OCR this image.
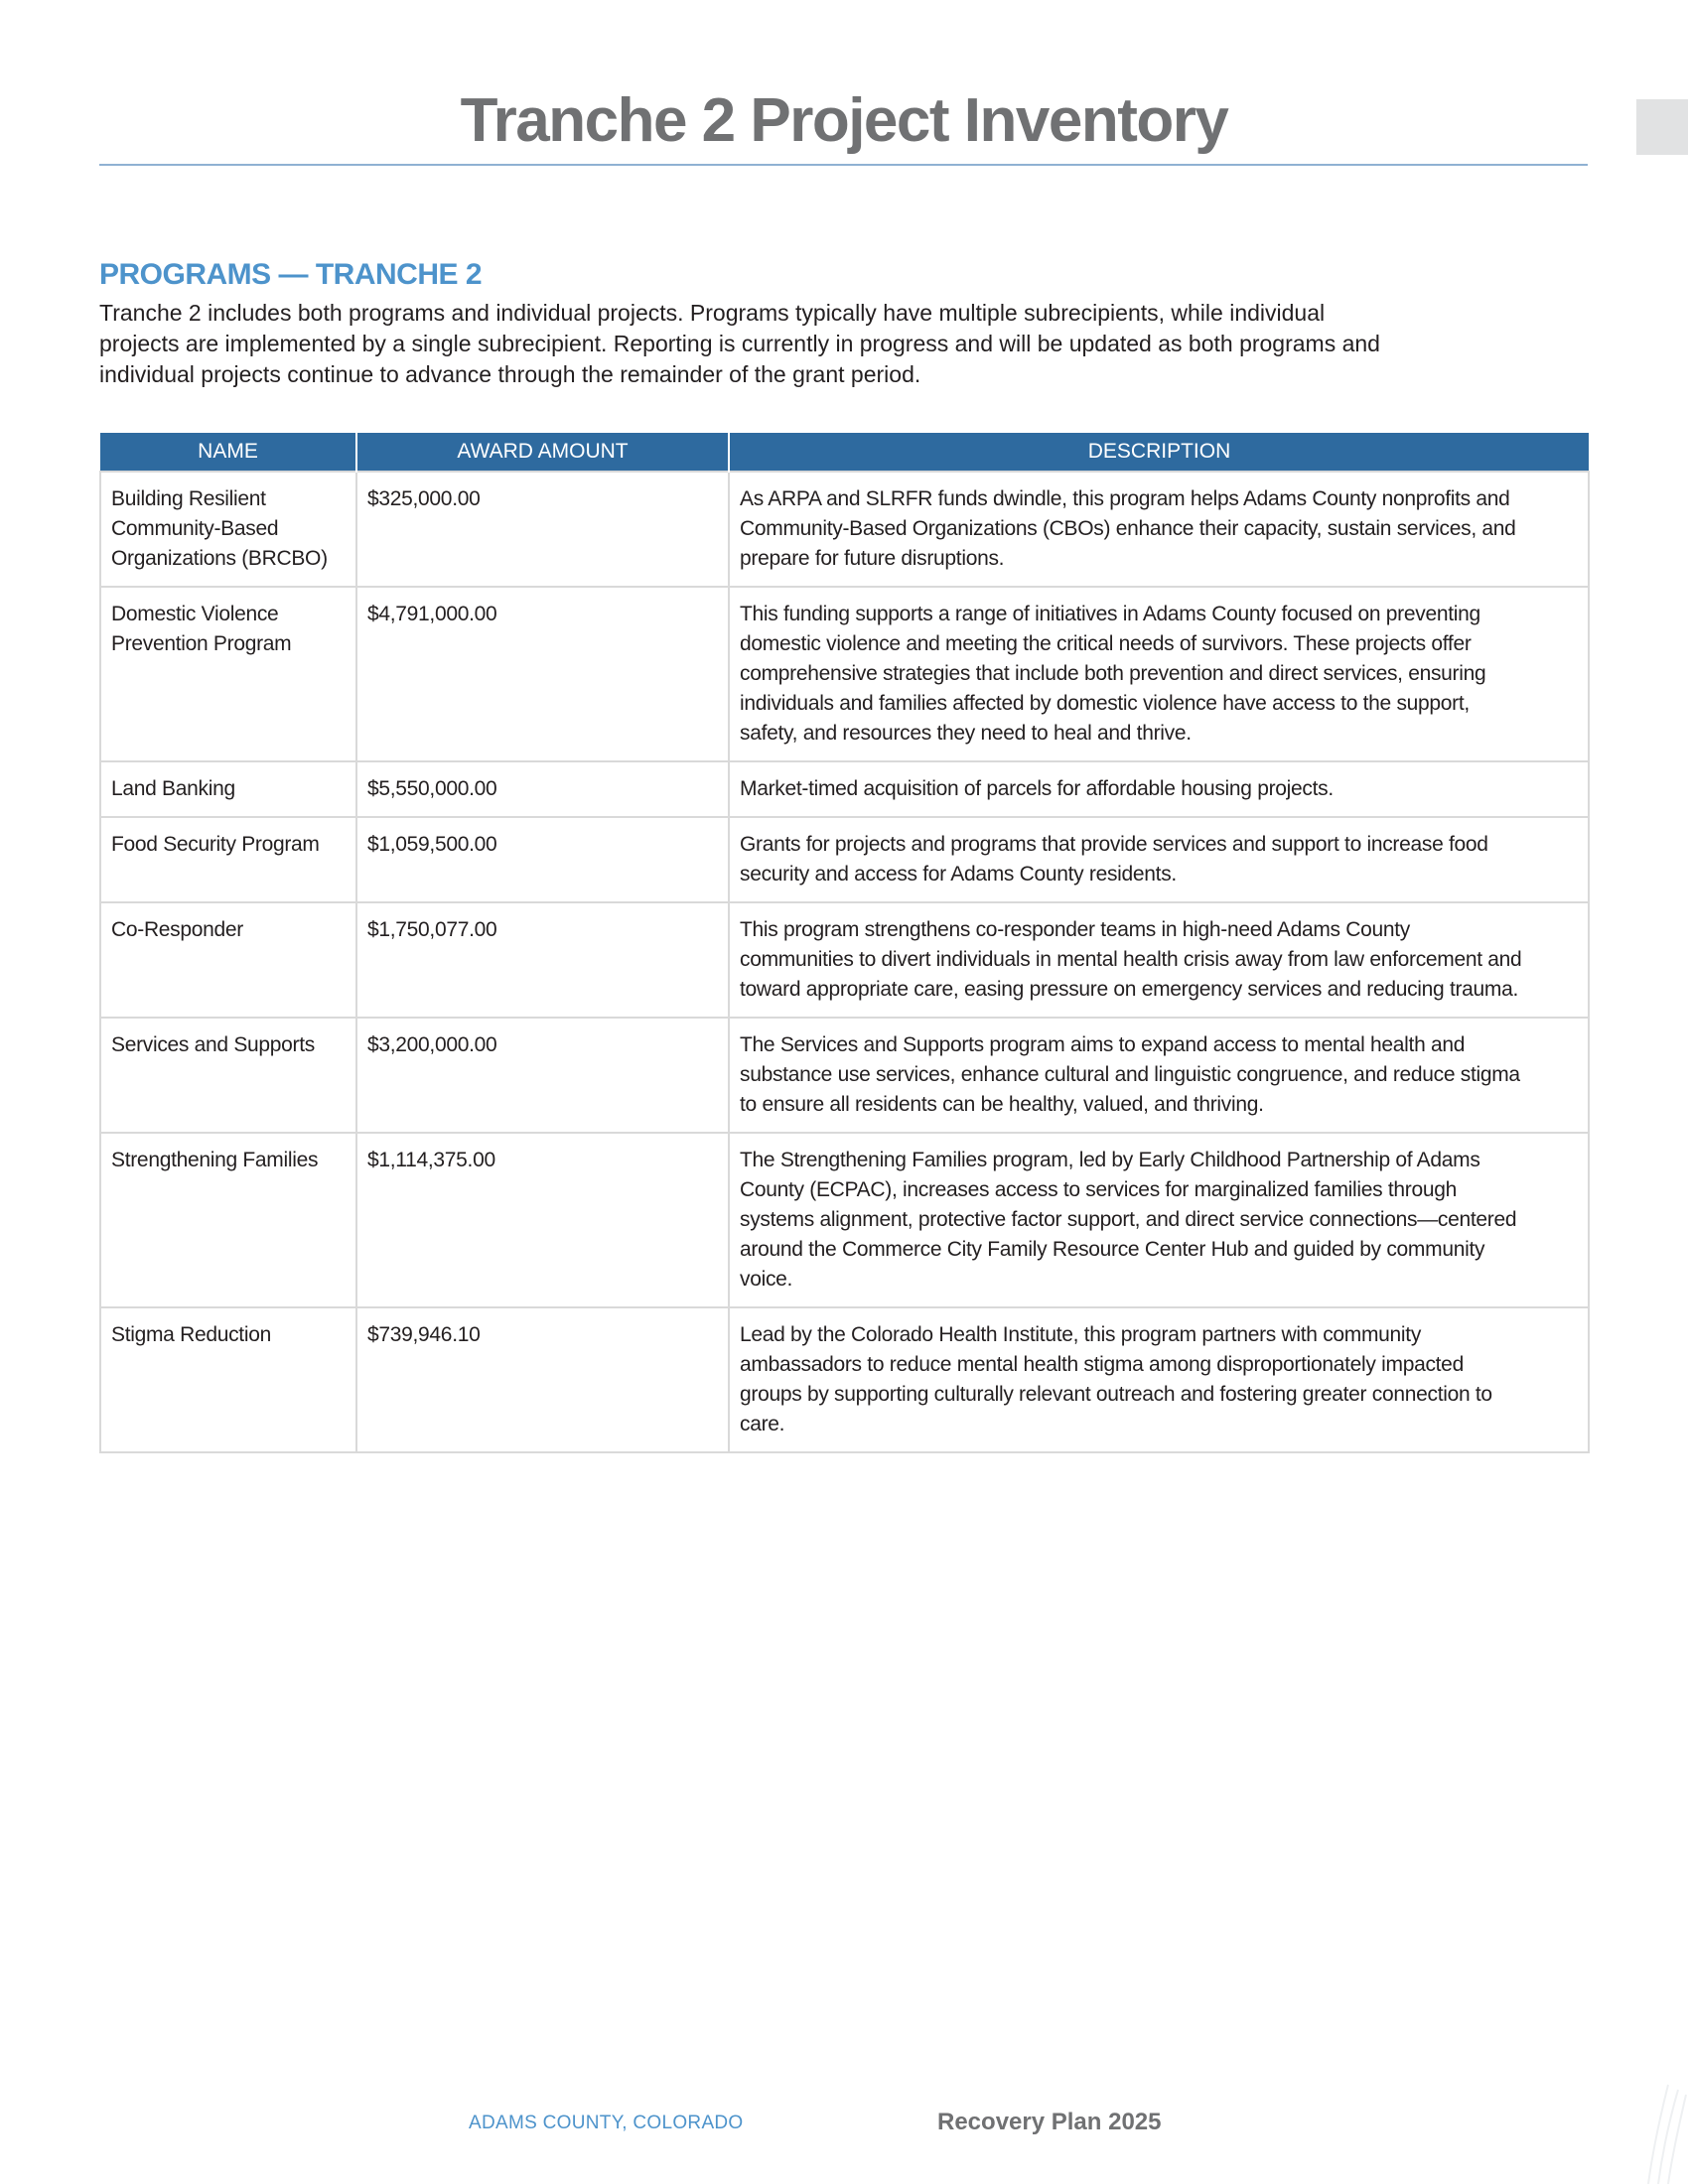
Tranche 2 Project Inventory
PROGRAMS — TRANCHE 2

Tranche 2 includes both programs and individual projects. Programs typically have multiple subrecipients, while individual projects are implemented by a single subrecipient. Reporting is currently in progress and will be updated as both programs and individual projects continue to advance through the remainder of the grant period.

NAME	AWARD AMOUNT	DESCRIPTION
Building Resilient Community-Based Organizations (BRCBO)	$325,000.00	As ARPA and SLRFR funds dwindle, this program helps Adams County nonprofits and Community-Based Organizations (CBOs) enhance their capacity, sustain services, and prepare for future disruptions.
Domestic Violence Prevention Program	$4,791,000.00	This funding supports a range of initiatives in Adams County focused on preventing domestic violence and meeting the critical needs of survivors. These projects offer comprehensive strategies that include both prevention and direct services, ensuring individuals and families affected by domestic violence have access to the support, safety, and resources they need to heal and thrive.
Land Banking	$5,550,000.00	Market-timed acquisition of parcels for affordable housing projects.
Food Security Program	$1,059,500.00	Grants for projects and programs that provide services and support to increase food security and access for Adams County residents.
Co-Responder	$1,750,077.00	This program strengthens co-responder teams in high-need Adams County communities to divert individuals in mental health crisis away from law enforcement and toward appropriate care, easing pressure on emergency services and reducing trauma.
Services and Supports	$3,200,000.00	The Services and Supports program aims to expand access to mental health and substance use services, enhance cultural and linguistic congruence, and reduce stigma to ensure all residents can be healthy, valued, and thriving.
Strengthening Families	$1,114,375.00	The Strengthening Families program, led by Early Childhood Partnership of Adams County (ECPAC), increases access to services for marginalized families through systems alignment, protective factor support, and direct service connections—centered around the Commerce City Family Resource Center Hub and guided by community voice.
Stigma Reduction	$739,946.10	Lead by the Colorado Health Institute, this program partners with community ambassadors to reduce mental health stigma among disproportionately impacted groups by supporting culturally relevant outreach and fostering greater connection to care.

ADAMS COUNTY, COLORADO	Recovery Plan 2025
